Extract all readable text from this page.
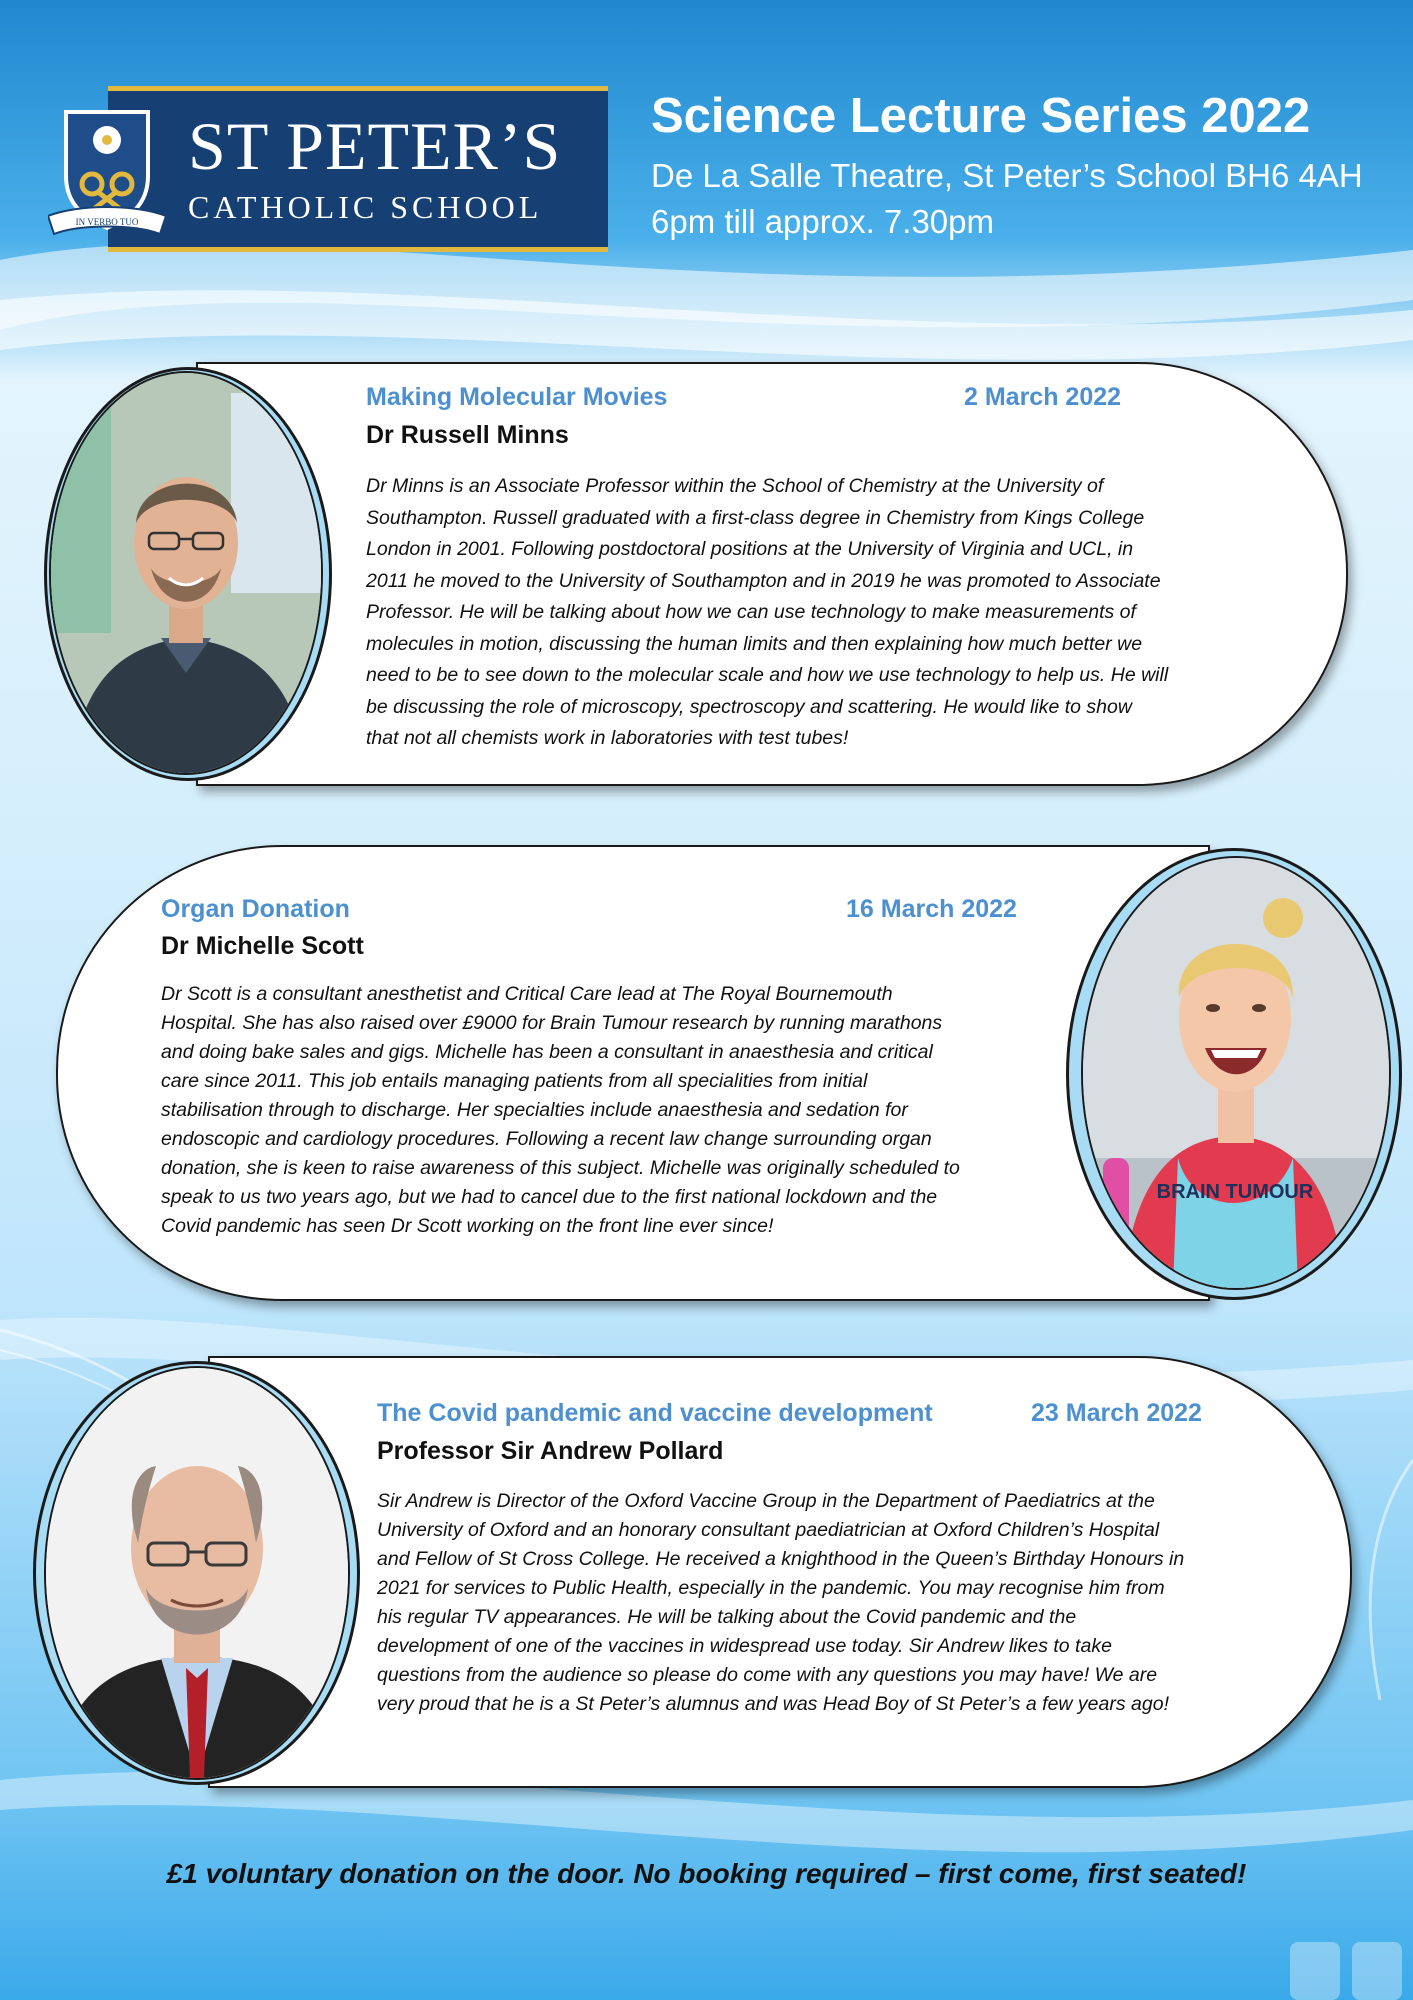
ST PETER’S
CATHOLIC SCHOOL
IN VERBO TUO
Science Lecture Series 2022
De La Salle Theatre, St Peter’s School BH6 4AH
6pm till approx. 7.30pm
Making Molecular Movies	2 March 2022
Dr Russell Minns
Dr Minns is an Associate Professor within the School of Chemistry at the University of
Southampton. Russell graduated with a first-class degree in Chemistry from Kings College
London in 2001. Following postdoctoral positions at the University of Virginia and UCL, in
2011 he moved to the University of Southampton and in 2019 he was promoted to Associate
Professor. He will be talking about how we can use technology to make measurements of
molecules in motion, discussing the human limits and then explaining how much better we
need to be to see down to the molecular scale and how we use technology to help us. He will
be discussing the role of microscopy, spectroscopy and scattering. He would like to show
that not all chemists work in laboratories with test tubes!
BRAIN TUMOUR
Organ Donation	16 March 2022
Dr Michelle Scott
Dr Scott is a consultant anesthetist and Critical Care lead at The Royal Bournemouth
Hospital. She has also raised over £9000 for Brain Tumour research by running marathons
and doing bake sales and gigs. Michelle has been a consultant in anaesthesia and critical
care since 2011. This job entails managing patients from all specialities from initial
stabilisation through to discharge. Her specialties include anaesthesia and sedation for
endoscopic and cardiology procedures. Following a recent law change surrounding organ
donation, she is keen to raise awareness of this subject. Michelle was originally scheduled to
speak to us two years ago, but we had to cancel due to the first national lockdown and the
Covid pandemic has seen Dr Scott working on the front line ever since!
The Covid pandemic and vaccine development	23 March 2022
Professor Sir Andrew Pollard
Sir Andrew is Director of the Oxford Vaccine Group in the Department of Paediatrics at the
University of Oxford and an honorary consultant paediatrician at Oxford Children’s Hospital
and Fellow of St Cross College. He received a knighthood in the Queen’s Birthday Honours in
2021 for services to Public Health, especially in the pandemic. You may recognise him from
his regular TV appearances. He will be talking about the Covid pandemic and the
development of one of the vaccines in widespread use today. Sir Andrew likes to take
questions from the audience so please do come with any questions you may have! We are
very proud that he is a St Peter’s alumnus and was Head Boy of St Peter’s a few years ago!
£1 voluntary donation on the door. No booking required – first come, first seated!
